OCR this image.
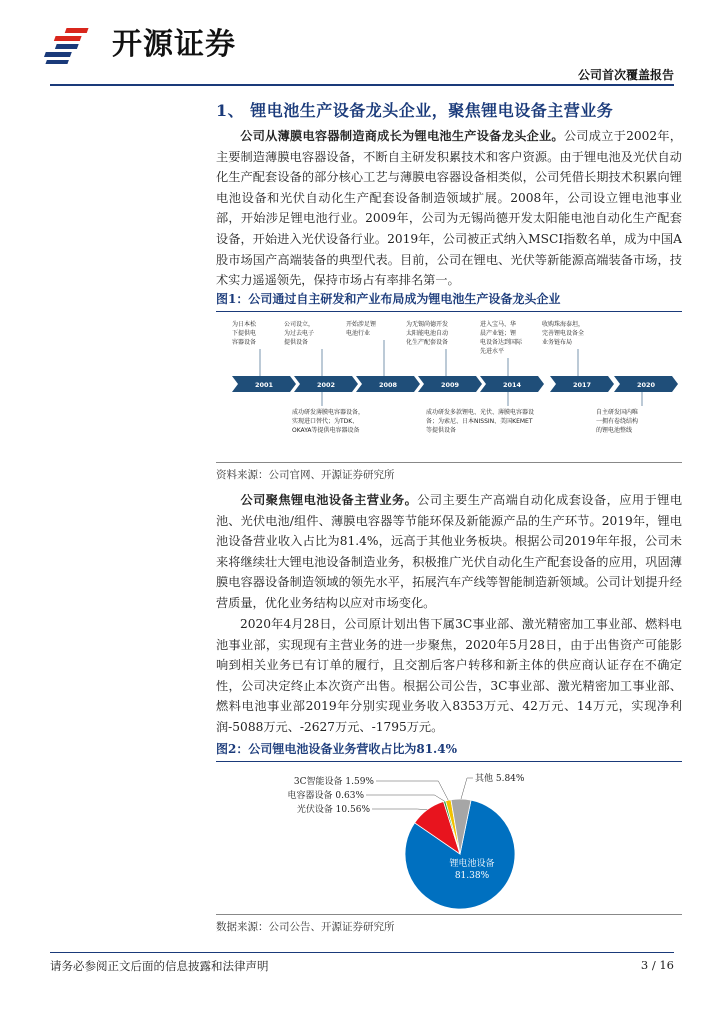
开源证券
公司首次覆盖报告
1、 锂电池生产设备龙头企业，聚焦锂电设备主营业务
公司从薄膜电容器制造商成长为锂电池生产设备龙头企业。公司成立于2002年，主要制造薄膜电容器设备，不断自主研发积累技术和客户资源。由于锂电池及光伏自动化生产配套设备的部分核心工艺与薄膜电容器设备相类似，公司凭借长期技术积累向锂电池设备和光伏自动化生产配套设备制造领域扩展。2008年，公司设立锂电池事业部，开始涉足锂电池行业。2009年，公司为无锡尚德开发太阳能电池自动化生产配套设备，开始进入光伏设备行业。2019年，公司被正式纳入MSCI指数名单，成为中国A股市场国产高端装备的典型代表。目前，公司在锂电、光伏等新能源高端装备市场，技术实力遥遥领先，保持市场占有率排名第一。
图1：公司通过自主研发和产业布局成为锂电池生产设备龙头企业
为日本松
下提供电
容器设备
公司设立，
为过去电子
提供设备
开始涉足锂
电池行业
为无锡尚德开发
太阳能电池自动
化生产配套设备
进入宝马、华
晨产业链；锂
电设备达到国际
先进水平
收购珠海泰坦，
完善锂电设备全
业务链布局
2001	2002	2008	2009	2014	2017	2020
成功研发薄膜电容器设备，
实现进口替代；为TDK、
OKAYA等提供电容器设备
成功研发多款锂电、光伏、薄膜电容器设
备；为索尼、日本NISSIN、美国KEMET
等提供设备
自主研发国内唯
一拥有卷绕结构
的锂电池整线
资料来源：公司官网、开源证券研究所
公司聚焦锂电池设备主营业务。公司主要生产高端自动化成套设备，应用于锂电池、光伏电池/组件、薄膜电容器等节能环保及新能源产品的生产环节。2019年，锂电池设备营业收入占比为81.4%，远高于其他业务板块。根据公司2019年年报，公司未来将继续壮大锂电池设备制造业务，积极推广光伏自动化生产配套设备的应用，巩固薄膜电容器设备制造领域的领先水平，拓展汽车产线等智能制造新领域。公司计划提升经营质量，优化业务结构以应对市场变化。
2020年4月28日，公司原计划出售下属3C事业部、激光精密加工事业部、燃料电池事业部，实现现有主营业务的进一步聚焦，2020年5月28日，由于出售资产可能影响到相关业务已有订单的履行，且交割后客户转移和新主体的供应商认证存在不确定性，公司决定终止本次资产出售。根据公司公告，3C事业部、激光精密加工事业部、燃料电池事业部2019年分别实现业务收入8353万元、42万元、14万元，实现净利润-5088万元、-2627万元、-1795万元。
图2：公司锂电池设备业务营收占比为81.4%
锂电池设备
81.38%
3C智能设备 1.59%
电容器设备 0.63%
光伏设备 10.56%
其他 5.84%
数据来源：公司公告、开源证券研究所
请务必参阅正文后面的信息披露和法律声明	3 / 16
